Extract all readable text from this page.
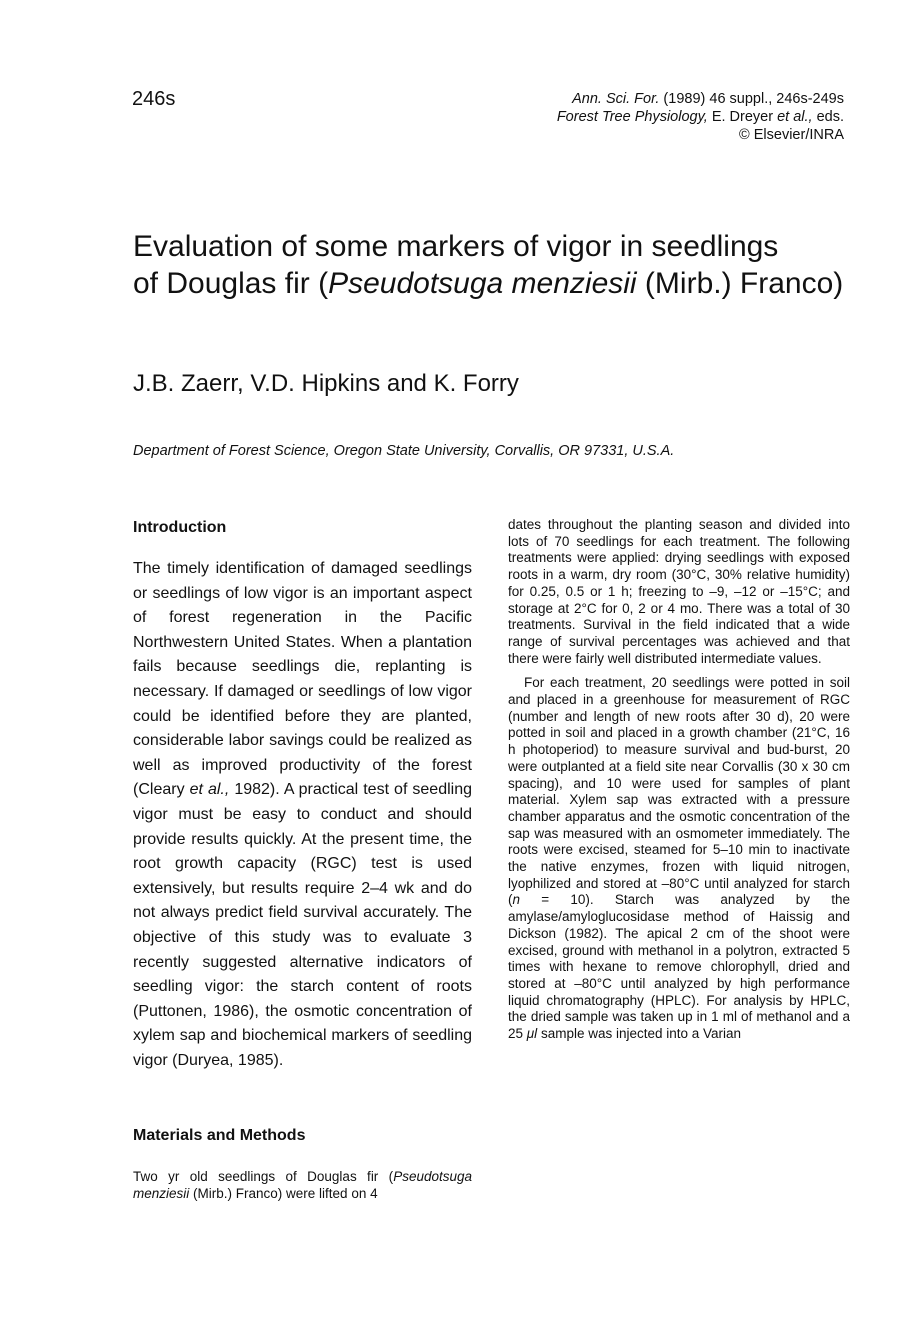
246s	Ann. Sci. For. (1989) 46 suppl., 246s-249s
Forest Tree Physiology, E. Dreyer et al., eds.
© Elsevier/INRA
Evaluation of some markers of vigor in seedlings
of Douglas fir (Pseudotsuga menziesii (Mirb.) Franco)
J.B. Zaerr, V.D. Hipkins and K. Forry
Department of Forest Science, Oregon State University, Corvallis, OR 97331, U.S.A.
Introduction

The timely identification of damaged seedlings or seedlings of low vigor is an important aspect of forest regeneration in the Pacific Northwestern United States. When a plantation fails because seedlings die, replanting is necessary. If damaged or seedlings of low vigor could be identified before they are planted, considerable labor savings could be realized as well as improved productivity of the forest (Cleary et al., 1982). A practical test of seedling vigor must be easy to conduct and should provide results quickly. At the present time, the root growth capacity (RGC) test is used extensively, but results require 2–4 wk and do not always predict field survival accurately. The objective of this study was to evaluate 3 recently suggested alternative indicators of seedling vigor: the starch content of roots (Puttonen, 1986), the osmotic concentration of xylem sap and biochemical markers of seedling vigor (Duryea, 1985).

Materials and Methods

Two yr old seedlings of Douglas fir (Pseudotsuga menziesii (Mirb.) Franco) were lifted on 4

dates throughout the planting season and divided into lots of 70 seedlings for each treatment. The following treatments were applied: drying seedlings with exposed roots in a warm, dry room (30°C, 30% relative humidity) for 0.25, 0.5 or 1 h; freezing to –9, –12 or –15°C; and storage at 2°C for 0, 2 or 4 mo. There was a total of 30 treatments. Survival in the field indicated that a wide range of survival percentages was achieved and that there were fairly well distributed intermediate values.

For each treatment, 20 seedlings were potted in soil and placed in a greenhouse for measurement of RGC (number and length of new roots after 30 d), 20 were potted in soil and placed in a growth chamber (21°C, 16 h photoperiod) to measure survival and bud-burst, 20 were outplanted at a field site near Corvallis (30 x 30 cm spacing), and 10 were used for samples of plant material. Xylem sap was extracted with a pressure chamber apparatus and the osmotic concentration of the sap was measured with an osmometer immediately. The roots were excised, steamed for 5–10 min to inactivate the native enzymes, frozen with liquid nitrogen, lyophilized and stored at –80°C until analyzed for starch (n = 10). Starch was analyzed by the amylase/amyloglucosidase method of Haissig and Dickson (1982). The apical 2 cm of the shoot were excised, ground with methanol in a polytron, extracted 5 times with hexane to remove chlorophyll, dried and stored at –80°C until analyzed by high performance liquid chromatography (HPLC). For analysis by HPLC, the dried sample was taken up in 1 ml of methanol and a 25 μl sample was injected into a Varian
